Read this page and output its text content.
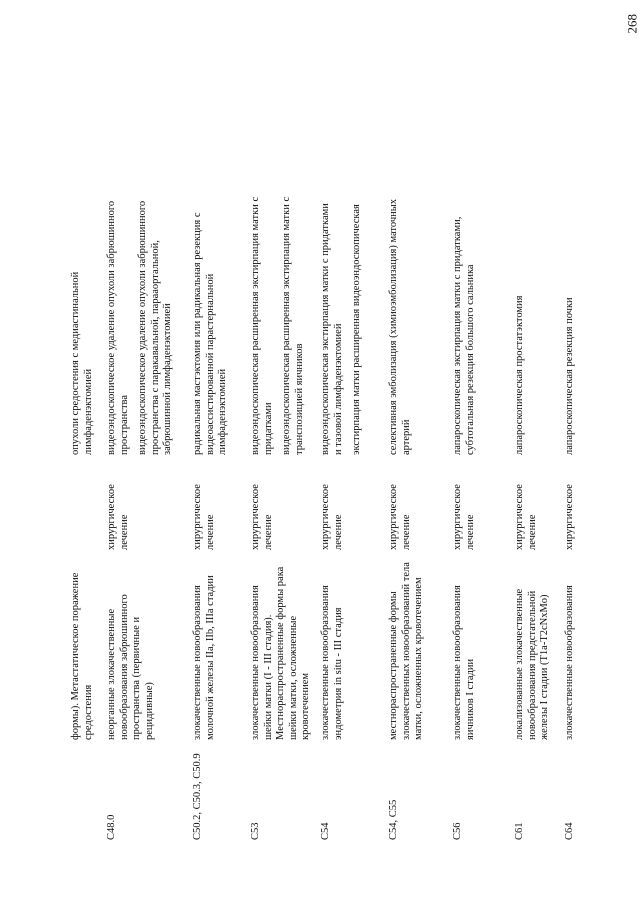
268

формы). Метастатическое поражение средостения

опухоли средостения с медиастинальной лимфаденэктомией

C48.0

неорганные злокачественные новообразования забрюшинного пространства (первичные и рецидивные)

хирургическое лечение

видеоэндоскопическое удаление опухоли забрюшинного пространства видеоэндоскопическое удаление опухоли забрюшинного пространства с паракавальной, парааортальной, забрюшинной лимфаденэктомией

C50.2, C50.3, C50.9

злокачественные новообразования молочной железы IIa, IIb, IIIa стадии

хирургическое лечение

радикальная мастэктомия или радикальная резекция с видеоассистированной парастернальной лимфаденэктомией

C53

злокачественные новообразования шейки матки (I - III стадия). Местнораспространенные формы рака шейки матки, осложненные кровотечением

хирургическое лечение

видеоэндоскопическая расширенная экстирпация матки с придатками видеоэндоскопическая расширенная экстирпация матки с транспозицией яичников

C54

злокачественные новообразования эндометрия in situ - III стадия

хирургическое лечение

видеоэндоскопическая экстирпация матки с придатками и тазовой лимфаденэктомией экстирпация матки расширенная видеоэндоскопическая

C54, C55

местнораспространенные формы злокачественных новообразований тела матки, осложненных кровотечением

хирургическое лечение

селективная эмболизация (химиоэмболизация) маточных артерий

C56

злокачественные новообразования яичников I стадии

хирургическое лечение

лапароскопическая экстирпация матки с придатками, субтотальная резекция большого сальника

C61

локализованные злокачественные новообразования предстательной железы I стадии (T1a-T2cNxMo)

хирургическое лечение

лапароскопическая простатэктомия

C64

злокачественные новообразования

хирургическое

лапароскопическая резекция почки
